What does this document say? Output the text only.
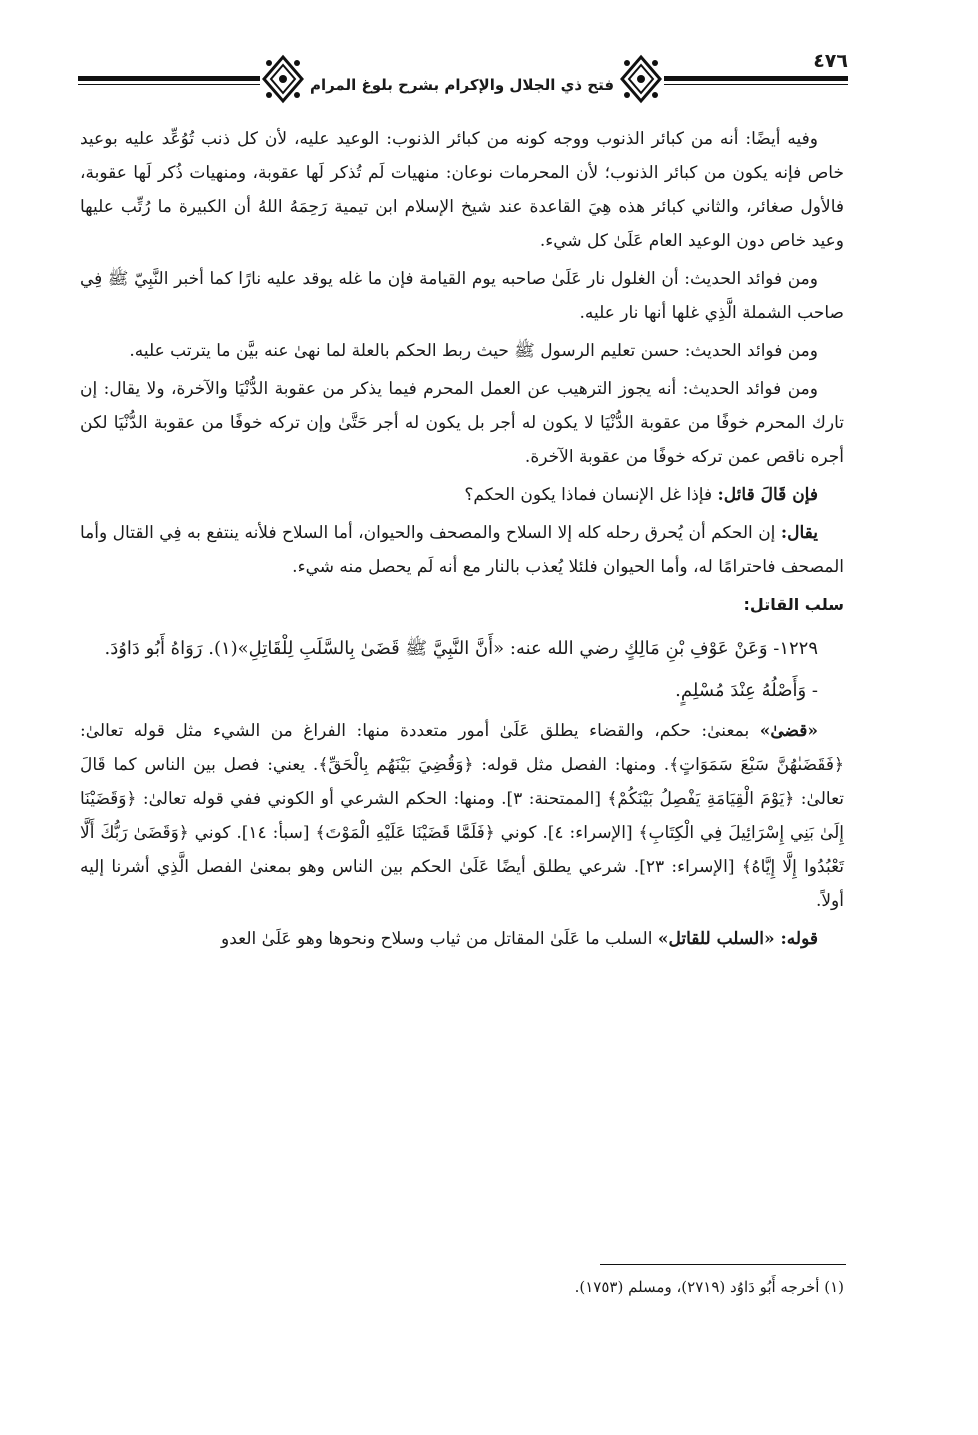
فتح ذي الجلال والإكرام بشرح بلوغ المرام
٤٧٦

وفيه أيضًا: أنه من كبائر الذنوب ووجه كونه من كبائر الذنوب: الوعيد عليه، لأن كل ذنب تُوُعِّد عليه بوعيد خاص فإنه يكون من كبائر الذنوب؛ لأن المحرمات نوعان: منهيات لَم تُذكر لَها عقوبة، ومنهيات ذُكر لَها عقوبة، فالأول صغائر، والثاني كبائر هذه هِيَ القاعدة عند شيخ الإسلام ابن تيمية رَحِمَهُ اللهُ أن الكبيرة ما رُتِّب عليها وعيد خاص دون الوعيد العام عَلَىٰ كل شيء.

ومن فوائد الحديث: أن الغلول نار عَلَىٰ صاحبه يوم القيامة فإن ما غله يوقد عليه نارًا كما أخبر النَّبِيّ ﷺ فِي صاحب الشملة الَّذِي غلها أنها نار عليه.

ومن فوائد الحديث: حسن تعليم الرسول ﷺ حيث ربط الحكم بالعلة لما نهىٰ عنه بيَّن ما يترتب عليه.

ومن فوائد الحديث: أنه يجوز الترهيب عن العمل المحرم فيما يذكر من عقوبة الدُّنْيَا والآخرة، ولا يقال: إن تارك المحرم خوفًا من عقوبة الدُّنْيَا لا يكون له أجر بل يكون له أجر حَتَّىٰ وإن تركه خوفًا من عقوبة الدُّنْيَا لكن أجره ناقص عمن تركه خوفًا من عقوبة الآخرة.

فإن قَالَ قائل: فإذا غل الإنسان فماذا يكون الحكم؟

يقال: إن الحكم أن يُحرق رحله كله إلا السلاح والمصحف والحيوان، أما السلاح فلأنه ينتفع به فِي القتال وأما المصحف فاحترامًا له، وأما الحيوان فلئلا يُعذب بالنار مع أنه لَم يحصل منه شيء.

سلب القاتل:

١٢٢٩- وَعَنْ عَوْفِ بْنِ مَالِكٍ رضي الله عنه: «أَنَّ النَّبِيَّ ﷺ قَضَىٰ بِالسَّلَبِ لِلْقَاتِلِ»(١). رَوَاهُ أَبُو دَاوُدَ.

- وَأَصْلُهُ عِنْدَ مُسْلِمٍ.

«قضىٰ» بمعنىٰ: حكم، والقضاء يطلق عَلَىٰ أمور متعددة منها: الفراغ من الشيء مثل قوله تعالىٰ: ﴿فَقَضَىٰهُنَّ سَبْعَ سَمَوَاتٍ﴾. ومنها: الفصل مثل قوله: ﴿وَقُضِيَ بَيْنَهُم بِالْحَقِّ﴾. يعني: فصل بين الناس كما قَالَ تعالىٰ: ﴿يَوْمَ الْقِيَامَةِ يَفْصِلُ بَيْنَكُمْ﴾ [الممتحنة: ٣]. ومنها: الحكم الشرعي أو الكوني ففي قوله تعالىٰ: ﴿وَقَضَيْنَا إِلَىٰ بَنِي إِسْرَائِيلَ فِي الْكِتَابِ﴾ [الإسراء: ٤]. كوني ﴿فَلَمَّا قَضَيْنَا عَلَيْهِ الْمَوْتَ﴾ [سبأ: ١٤]. كوني ﴿وَقَضَىٰ رَبُّكَ أَلَّا تَعْبُدُوا إِلَّا إِيَّاهُ﴾ [الإسراء: ٢٣]. شرعي يطلق أيضًا عَلَىٰ الحكم بين الناس وهو بمعنىٰ الفصل الَّذِي أشرنا إليه أولاً.

قوله: «السلب للقاتل» السلب ما عَلَىٰ المقاتل من ثياب وسلاح ونحوها وهو عَلَىٰ العدو

(١) أخرجه أَبُو دَاوُد (٢٧١٩)، ومسلم (١٧٥٣).
